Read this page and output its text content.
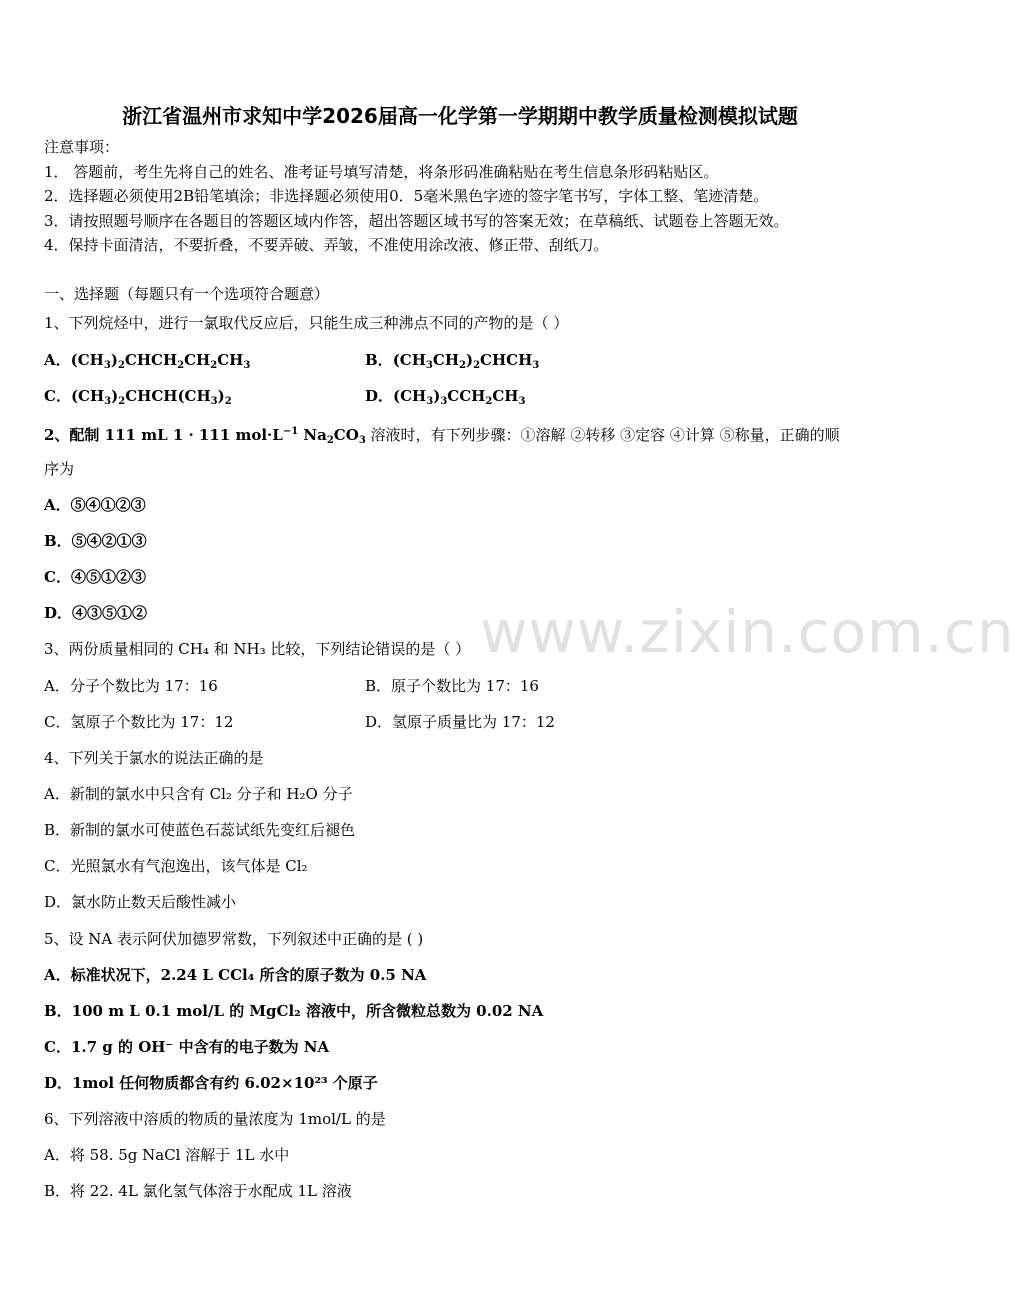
浙江省温州市求知中学2026届高一化学第一学期期中教学质量检测模拟试题
注意事项：
1． 答题前，考生先将自己的姓名、准考证号填写清楚，将条形码准确粘贴在考生信息条形码粘贴区。
2．选择题必须使用2B铅笔填涂；非选择题必须使用0．5毫米黑色字迹的签字笔书写，字体工整、笔迹清楚。
3．请按照题号顺序在各题目的答题区域内作答，超出答题区域书写的答案无效；在草稿纸、试题卷上答题无效。
4．保持卡面清洁，不要折叠，不要弄破、弄皱，不准使用涂改液、修正带、刮纸刀。
一、选择题（每题只有一个选项符合题意）
1、下列烷烃中，进行一氯取代反应后，只能生成三种沸点不同的产物的是（ ）
A．$(CH_3)_2CHCH_2CH_2CH_3$	B．$(CH_3CH_2)_2CHCH_3$
C．$(CH_3)_2CHCH(CH_3)_2$	D．$(CH_3)_3CCH_2CH_3$
2、配制 111 mL 1 · 111 $mol\cdot L^{-1}$ $Na_2CO_3$ 溶液时，有下列步骤：①溶解 ②转移 ③定容 ④计算 ⑤称量，正确的顺
序为
A．⑤④①②③
B．⑤④②①③
C．④⑤①②③
D．④③⑤①②
3、两份质量相同的 CH₄ 和 NH₃ 比较，下列结论错误的是（ ）
A．分子个数比为 17：16	B．原子个数比为 17：16
C．氢原子个数比为 17：12	D．氢原子质量比为 17：12
4、下列关于氯水的说法正确的是
A．新制的氯水中只含有 Cl₂ 分子和 H₂O 分子
B．新制的氯水可使蓝色石蕊试纸先变红后褪色
C．光照氯水有气泡逸出，该气体是 Cl₂
D．氯水防止数天后酸性减小
5、设 NA 表示阿伏加德罗常数，下列叙述中正确的是 ( )
A．标准状况下，2.24 L CCl₄ 所含的原子数为 0.5 NA
B．100 m L 0.1 mol/L 的 MgCl₂ 溶液中，所含微粒总数为 0.02 NA
C．1.7 g 的 OH⁻ 中含有的电子数为 NA
D．1mol 任何物质都含有约 6.02×10²³ 个原子
6、下列溶液中溶质的物质的量浓度为 1mol/L 的是
A．将 58. 5g NaCl 溶解于 1L 水中
B．将 22. 4L 氯化氢气体溶于水配成 1L 溶液
www.zixin.com.cn
